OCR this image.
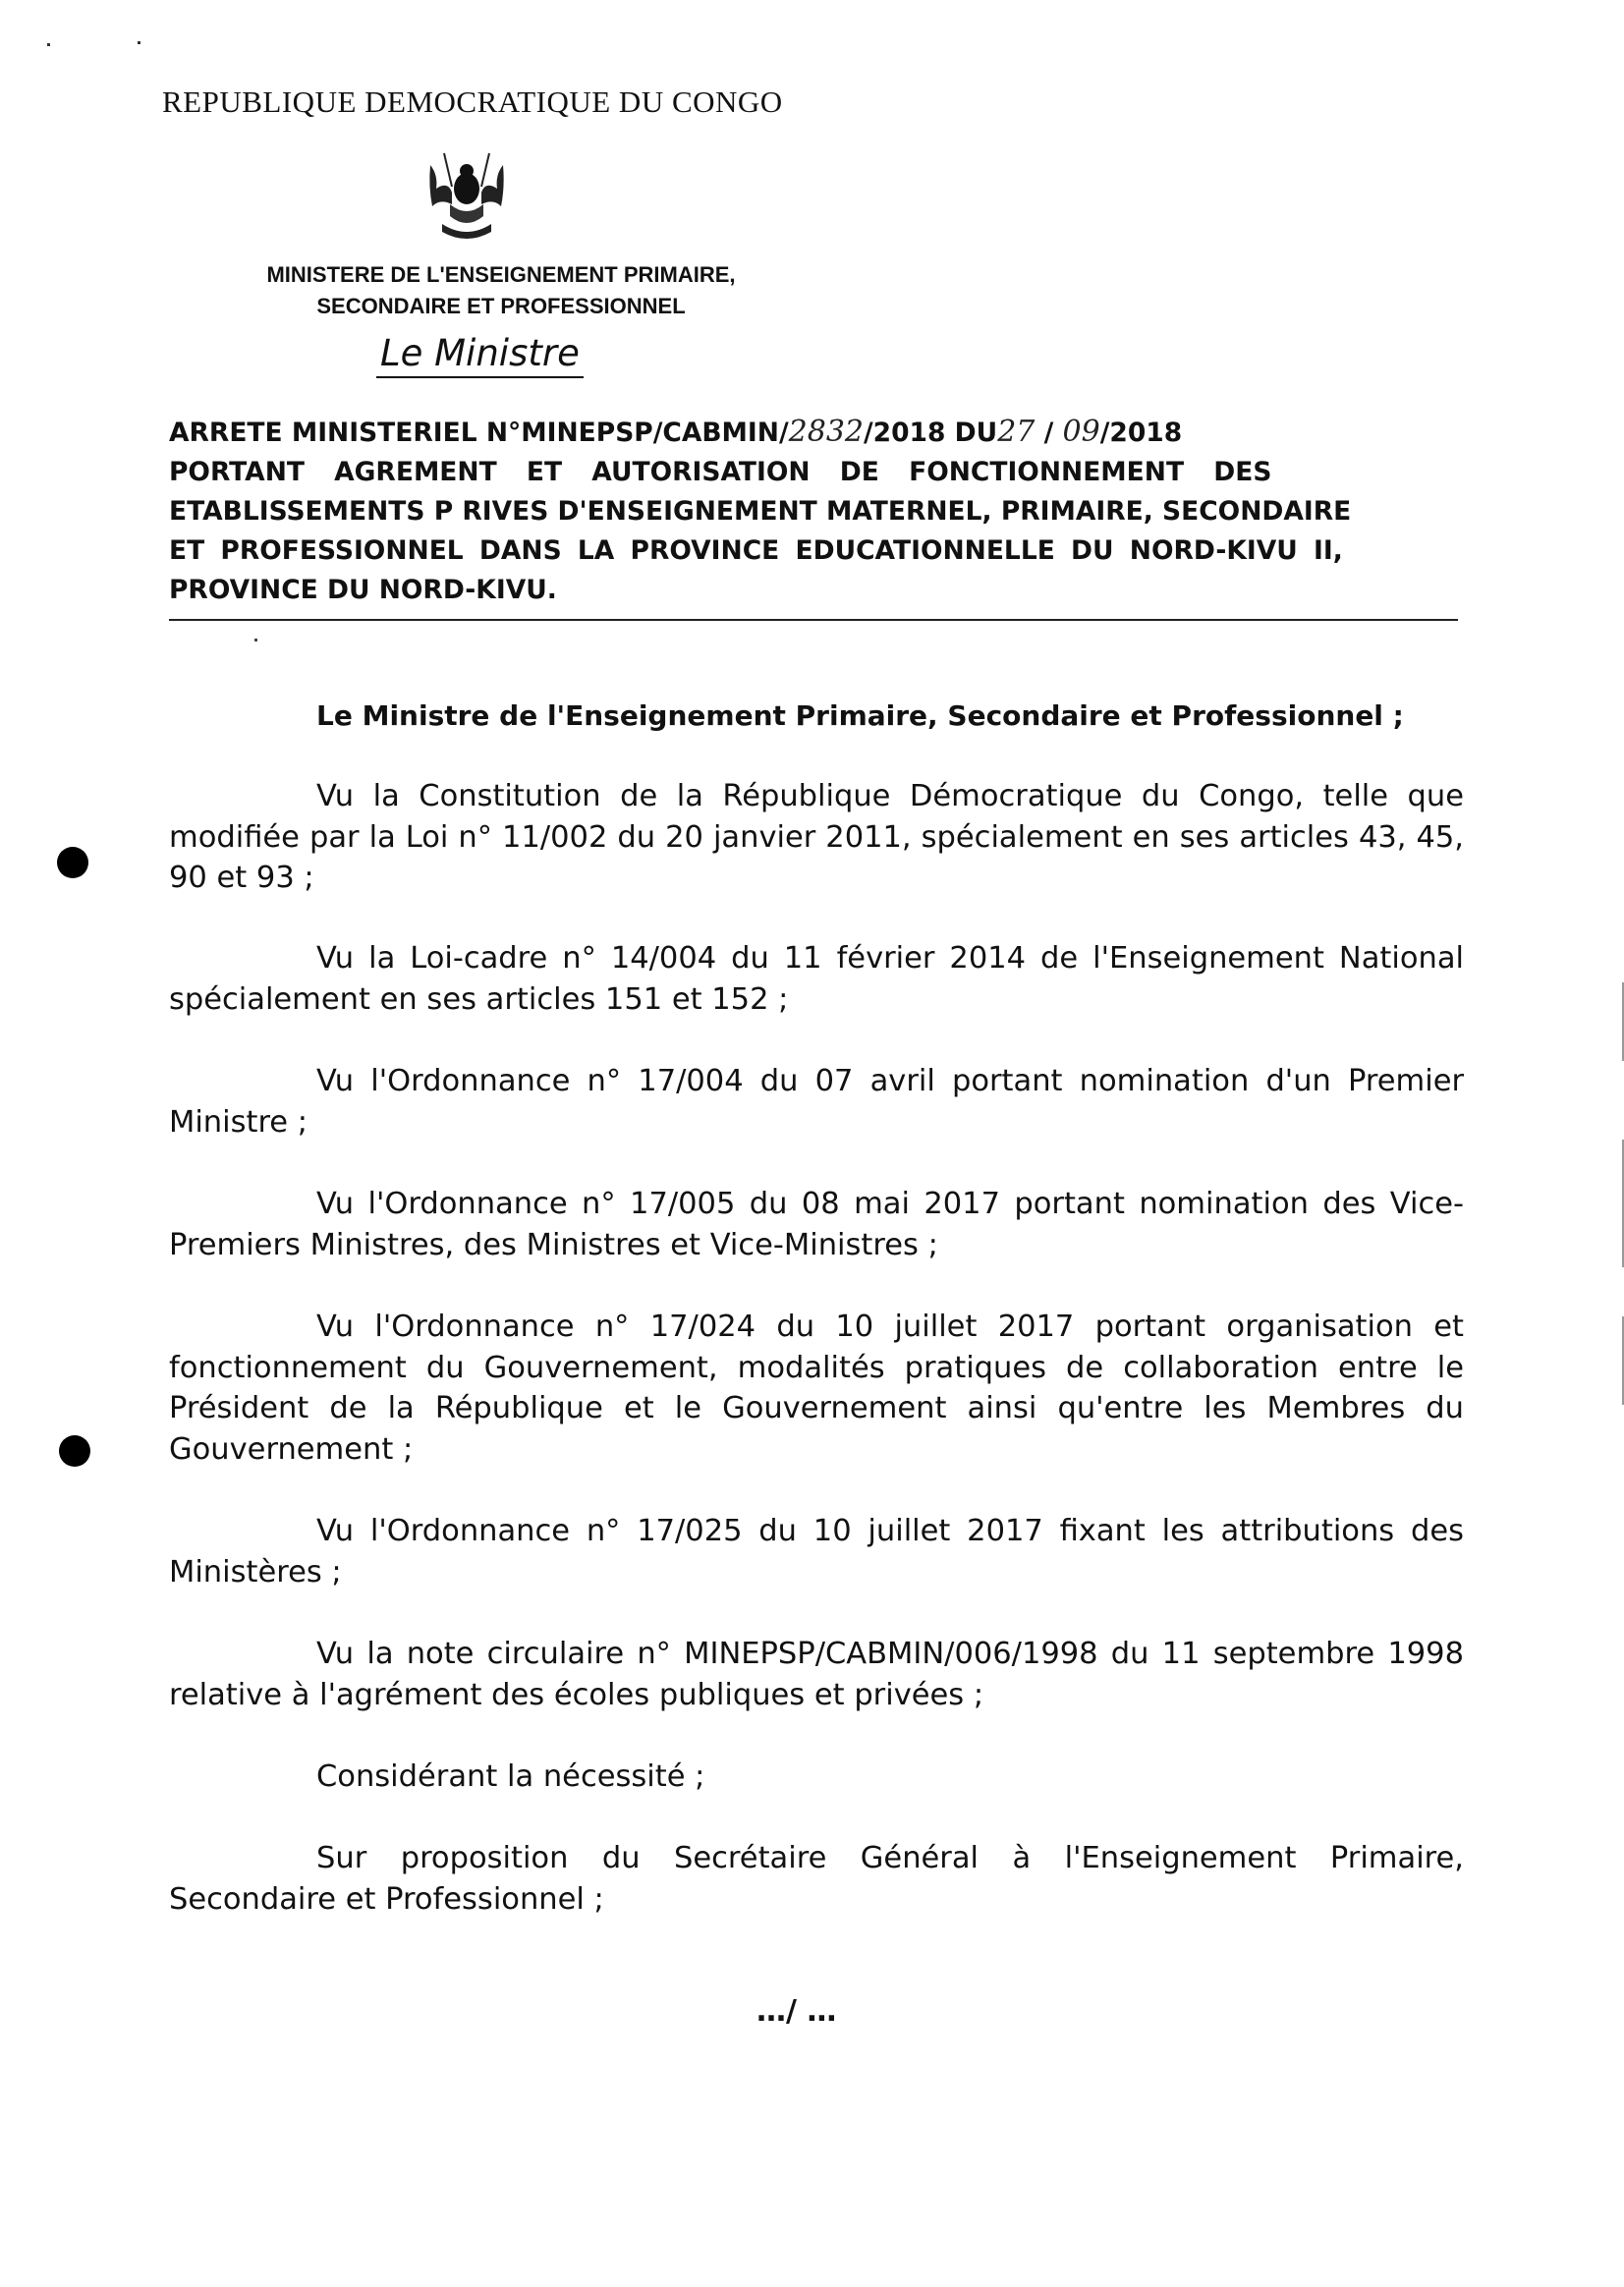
REPUBLIQUE DEMOCRATIQUE DU CONGO
MINISTERE DE L'ENSEIGNEMENT PRIMAIRE,
SECONDAIRE ET PROFESSIONNEL
Le Ministre
ARRETE MINISTERIEL N°MINEPSP/CABMIN/2832/2018 DU27 / 09/2018
PORTANT AGREMENT ET AUTORISATION DE FONCTIONNEMENT DES
ETABLISSEMENTS P RIVES D'ENSEIGNEMENT MATERNEL, PRIMAIRE, SECONDAIRE
ET PROFESSIONNEL DANS LA PROVINCE EDUCATIONNELLE DU NORD-KIVU II,
PROVINCE DU NORD-KIVU.
Le Ministre de l'Enseignement Primaire, Secondaire et Professionnel ;
Vu la Constitution de la République Démocratique du Congo, telle que modifiée par la Loi n° 11/002 du 20 janvier 2011, spécialement en ses articles 43, 45, 90 et 93 ;
Vu la Loi-cadre n° 14/004 du 11 février 2014 de l'Enseignement National spécialement en ses articles 151 et 152 ;
Vu l'Ordonnance n° 17/004 du 07 avril portant nomination d'un Premier Ministre ;
Vu l'Ordonnance n° 17/005 du 08 mai 2017 portant nomination des Vice-Premiers Ministres, des Ministres et Vice-Ministres ;
Vu l'Ordonnance n° 17/024 du 10 juillet 2017 portant organisation et fonctionnement du Gouvernement, modalités pratiques de collaboration entre le Président de la République et le Gouvernement ainsi qu'entre les Membres du Gouvernement ;
Vu l'Ordonnance n° 17/025 du 10 juillet 2017 fixant les attributions des Ministères ;
Vu la note circulaire n° MINEPSP/CABMIN/006/1998 du 11 septembre 1998 relative à l'agrément des écoles publiques et privées ;
Considérant la nécessité ;
Sur proposition du Secrétaire Général à l'Enseignement Primaire, Secondaire et Professionnel ;
…/ …
